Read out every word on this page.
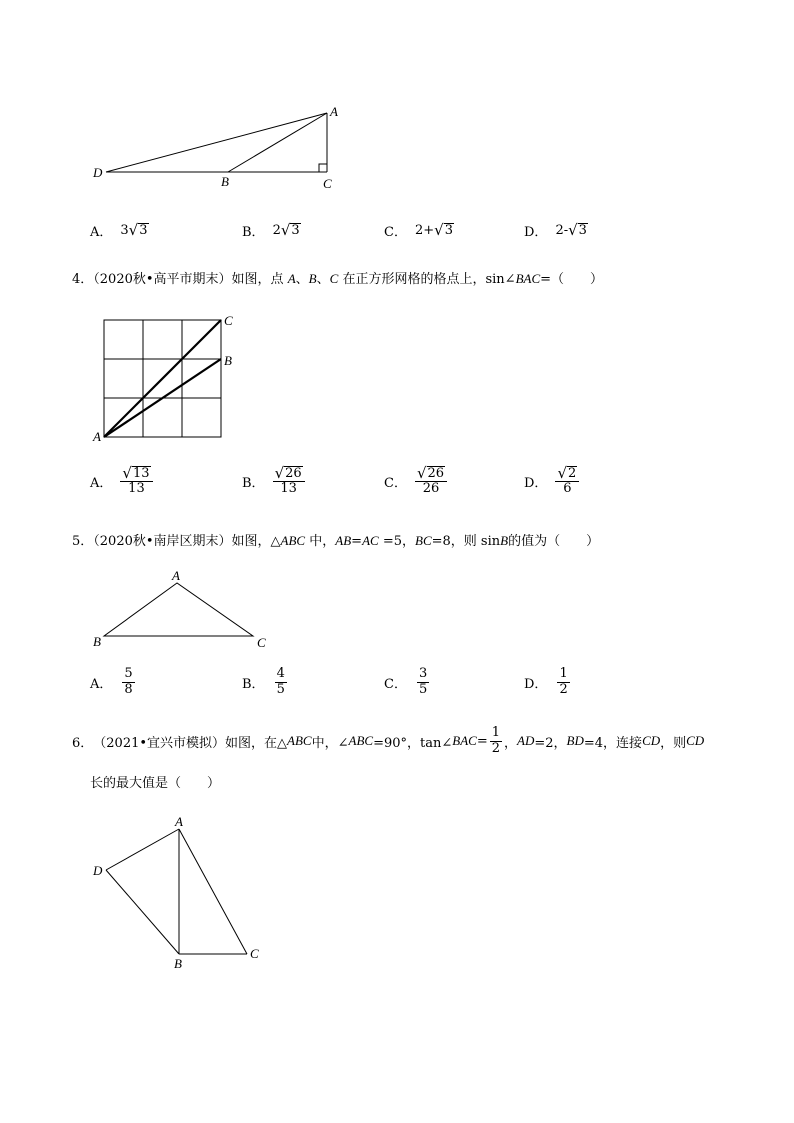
A
D
B	C
A． 3 √ 3	B． 2 √ 3	C． 2+ √ 3	D． 2- √ 3
4．（2020秋•高平市期末）如图，点 A、B、C 在正方形网格的格点上，sin∠BAC=（　　）
C
B
A
A． $\frac{√ 13}{13}$	B． $\frac{√ 26}{13}$	C． $\frac{√ 26}{26}$	D． $\frac{√ 2}{6}$
5．（2020秋•南岸区期末）如图，△ABC 中，AB=AC =5，BC=8，则 sinB的值为（　　）
A
B	C
A． $\frac{5}{8}$	B． $\frac{4}{5}$	C． $\frac{3}{5}$	D． $\frac{1}{2}$
6． （2021•宜兴市模拟） 如图，在△ ABC 中，∠ ABC =90°，tan∠ BAC = $\frac{1}{2}$ ， AD =2， BD =4，连接 CD ，则 CD
长的最大值是（　　）
A
D
B
C
